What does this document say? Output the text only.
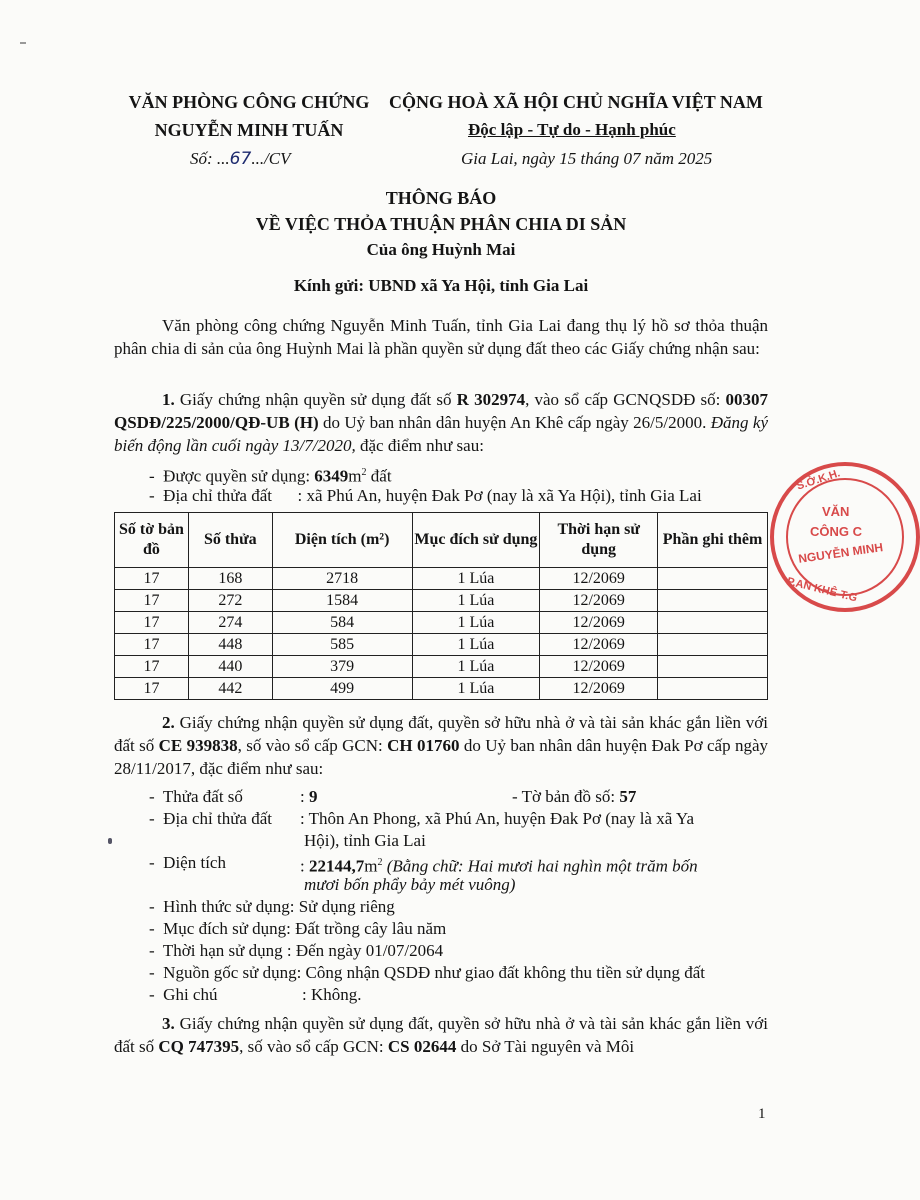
VĂN PHÒNG CÔNG CHỨNG
NGUYỄN MINH TUẤN
Số: ...67.../CV
CỘNG HOÀ XÃ HỘI CHỦ NGHĨA VIỆT NAM
Độc lập - Tự do - Hạnh phúc
Gia Lai, ngày 15 tháng 07 năm 2025
THÔNG BÁO
VỀ VIỆC THỎA THUẬN PHÂN CHIA DI SẢN
Của ông Huỳnh Mai
Kính gửi: UBND xã Ya Hội, tỉnh Gia Lai
Văn phòng công chứng Nguyễn Minh Tuấn, tỉnh Gia Lai đang thụ lý hồ sơ thỏa thuận phân chia di sản của ông Huỳnh Mai là phần quyền sử dụng đất theo các Giấy chứng nhận sau:
1. Giấy chứng nhận quyền sử dụng đất số R 302974, vào sổ cấp GCNQSDĐ số: 00307 QSDĐ/225/2000/QĐ-UB (H) do Uỷ ban nhân dân huyện An Khê cấp ngày 26/5/2000. Đăng ký biến động lần cuối ngày 13/7/2020, đặc điểm như sau:
- Được quyền sử dụng: $6349m^2$ đất
- Địa chỉ thửa đất : xã Phú An, huyện Đak Pơ (nay là xã Ya Hội), tỉnh Gia Lai
Số tờ bản đồ	Số thửa	Diện tích (m²)	Mục đích sử dụng	Thời hạn sử dụng	Phần ghi thêm
17	168	2718	1 Lúa	12/2069	
17	272	1584	1 Lúa	12/2069	
17	274	584	1 Lúa	12/2069	
17	448	585	1 Lúa	12/2069	
17	440	379	1 Lúa	12/2069	
17	442	499	1 Lúa	12/2069	
2. Giấy chứng nhận quyền sử dụng đất, quyền sở hữu nhà ở và tài sản khác gắn liền với đất số CE 939838, số vào sổ cấp GCN: CH 01760 do Uỷ ban nhân dân huyện Đak Pơ cấp ngày 28/11/2017, đặc điểm như sau:
- Thửa đất số	: 9	- Tờ bản đồ số: 57
- Địa chỉ thửa đất : Thôn An Phong, xã Phú An, huyện Đak Pơ (nay là xã Ya
Hội), tỉnh Gia Lai
- Diện tích	: $22144,7m^2$ (Bằng chữ: Hai mươi hai nghìn một trăm bốn
mươi bốn phẩy bảy mét vuông)
- Hình thức sử dụng: Sử dụng riêng
- Mục đích sử dụng: Đất trồng cây lâu năm
- Thời hạn sử dụng : Đến ngày 01/07/2064
- Nguồn gốc sử dụng: Công nhận QSDĐ như giao đất không thu tiền sử dụng đất
- Ghi chú	: Không.
3. Giấy chứng nhận quyền sử dụng đất, quyền sở hữu nhà ở và tài sản khác gắn liền với đất số CQ 747395, số vào sổ cấp GCN: CS 02644 do Sở Tài nguyên và Môi
1
S.Ở.K.H.
VĂN
CÔNG C
NGUYỄN MINH
P.AN KHÊ-T.G
